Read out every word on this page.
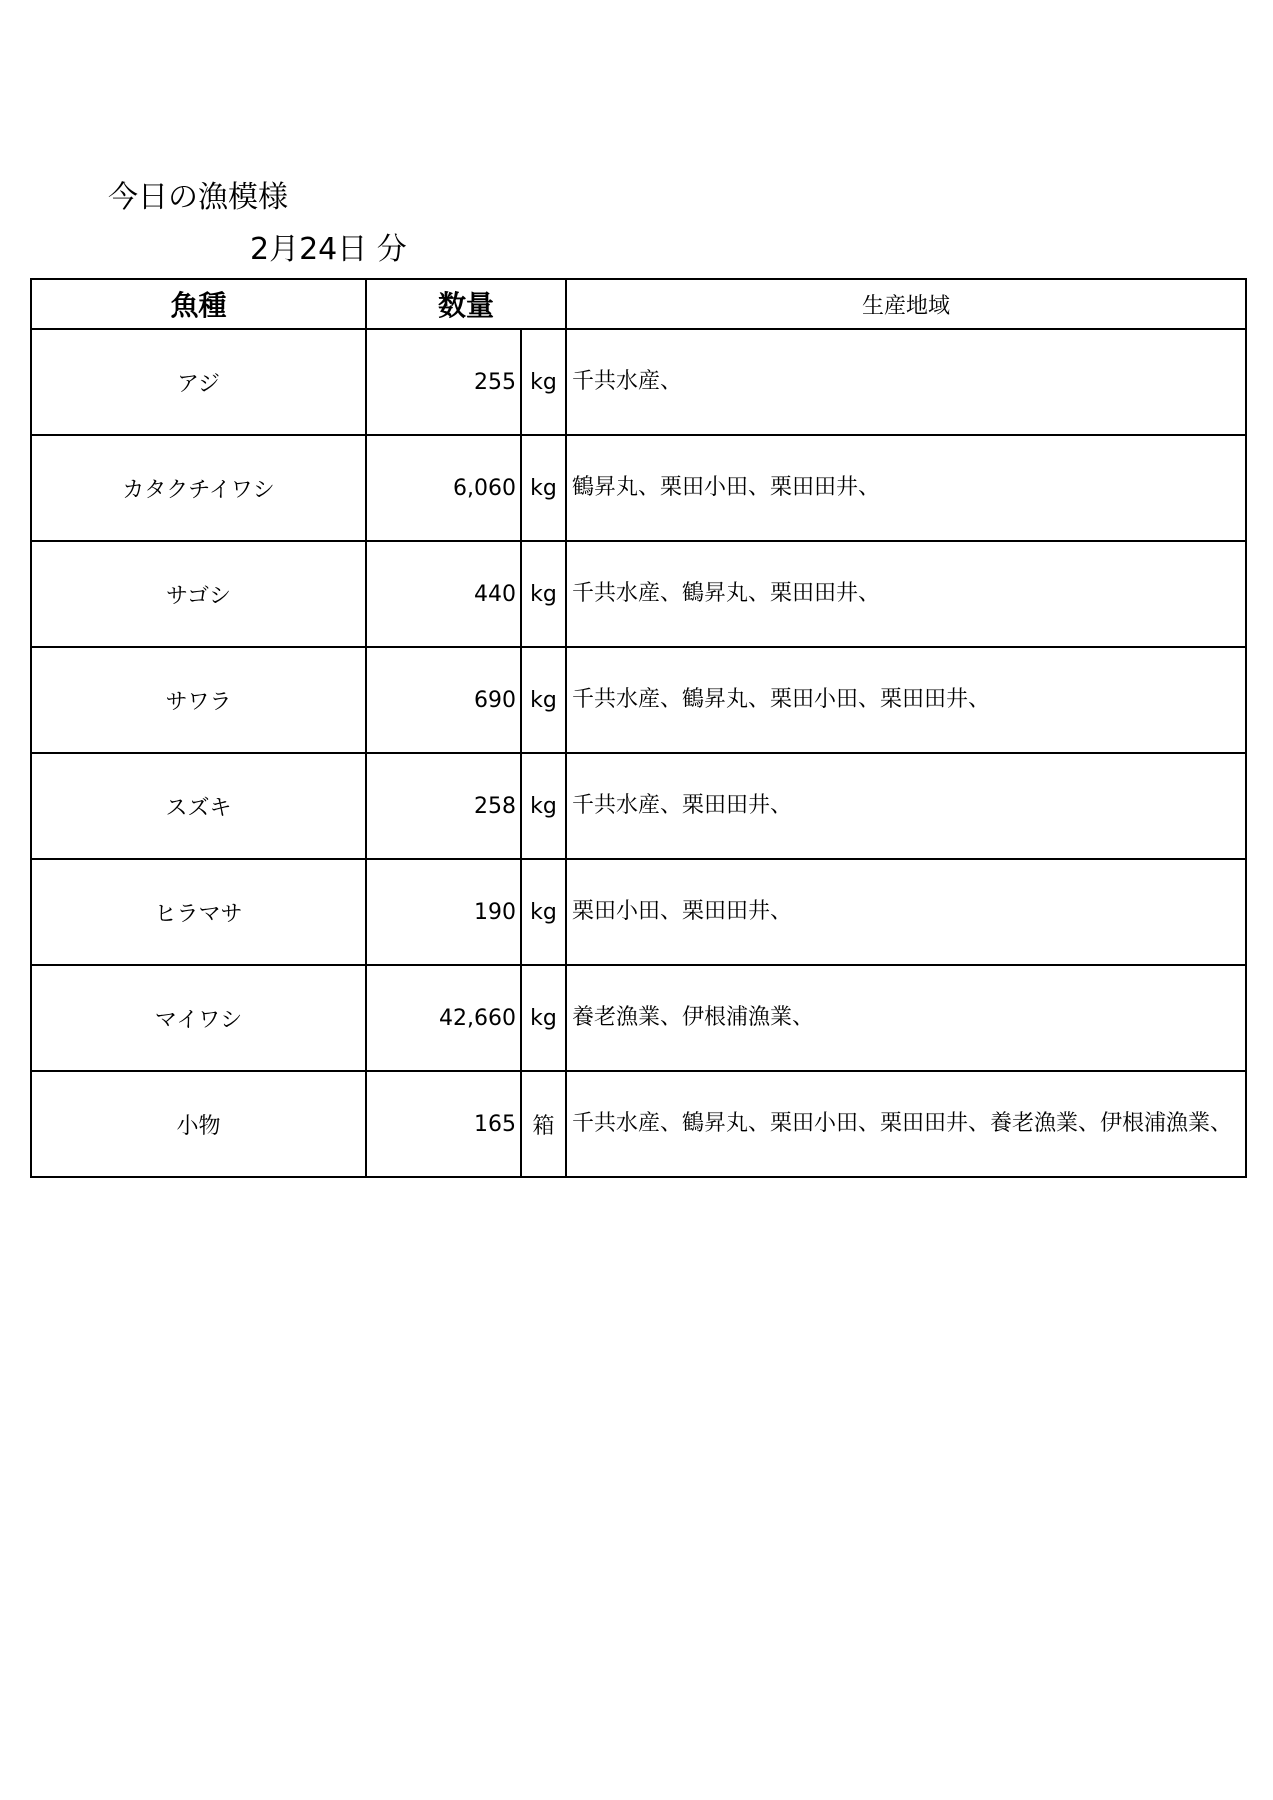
今日の漁模様
2月24日 分
魚種	数量		生産地域
アジ	255	kg	千共水産、
カタクチイワシ	6,060	kg	鶴昇丸、栗田小田、栗田田井、
サゴシ	440	kg	千共水産、鶴昇丸、栗田田井、
サワラ	690	kg	千共水産、鶴昇丸、栗田小田、栗田田井、
スズキ	258	kg	千共水産、栗田田井、
ヒラマサ	190	kg	栗田小田、栗田田井、
マイワシ	42,660	kg	養老漁業、伊根浦漁業、
小物	165	箱	千共水産、鶴昇丸、栗田小田、栗田田井、養老漁業、伊根浦漁業、
